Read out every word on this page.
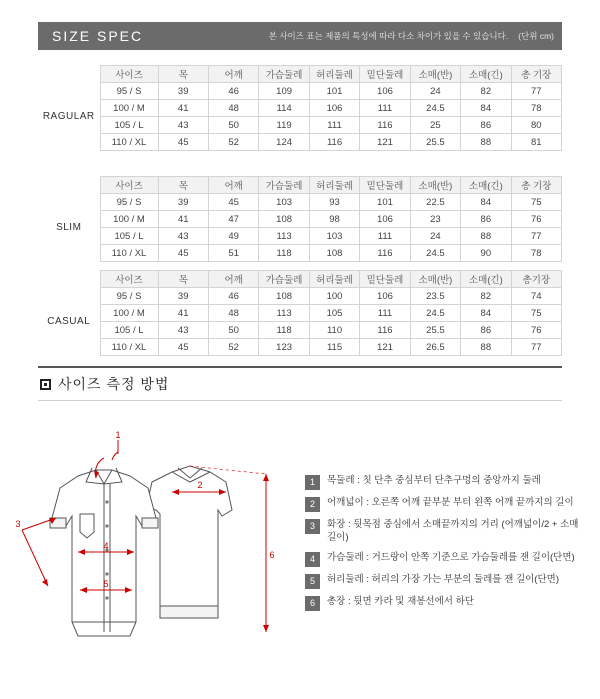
SIZE SPEC	본 사이즈 표는 제품의 특성에 따라 다소 차이가 있을 수 있습니다. (단위 cm)
	사이즈	목	어깨	가슴둘레	허리둘레	밑단둘레	소매(반)	소매(긴)	총 기장
RAGULAR	95 / S	39	46	109	101	106	24	82	77
	100 / M	41	48	114	106	111	24.5	84	78
	105 / L	43	50	119	111	116	25	86	80
	110 / XL	45	52	124	116	121	25.5	88	81
	사이즈	목	어깨	가슴둘레	허리둘레	밑단둘레	소매(반)	소매(긴)	총 기장
SLIM	95 / S	39	45	103	93	101	22.5	84	75
	100 / M	41	47	108	98	106	23	86	76
	105 / L	43	49	113	103	111	24	88	77
	110 / XL	45	51	118	108	116	24.5	90	78
	사이즈	목	어깨	가슴둘레	허리둘레	밑단둘레	소매(반)	소매(긴)	총기장
CASUAL	95 / S	39	46	108	100	106	23.5	82	74
	100 / M	41	48	113	105	111	24.5	84	75
	105 / L	43	50	118	110	116	25.5	86	76
	110 / XL	45	52	123	115	121	26.5	88	77
사이즈 측정 방법
1
2
3
4
5
6
1	목둘레 : 칫 단추 중심부터 단추구멍의 중앙까지 둘레
2	어깨넓이 : 오른쪽 어깨 끝부분 부터 왼쪽 어깨 끝까지의 길이
3	화장 : 뒷목점 중심에서 소매끝까지의 거리 (어깨넓이/2 + 소매길이)
4	가슴둘레 : 거드랑이 안쪽 기준으로 가슴둘레를 잰 길이(단면)
5	허리둘레 : 허리의 가장 가는 부분의 둘레를 잰 길이(단면)
6	총장 : 뒷면 카라 및 재봉선에서 하단
